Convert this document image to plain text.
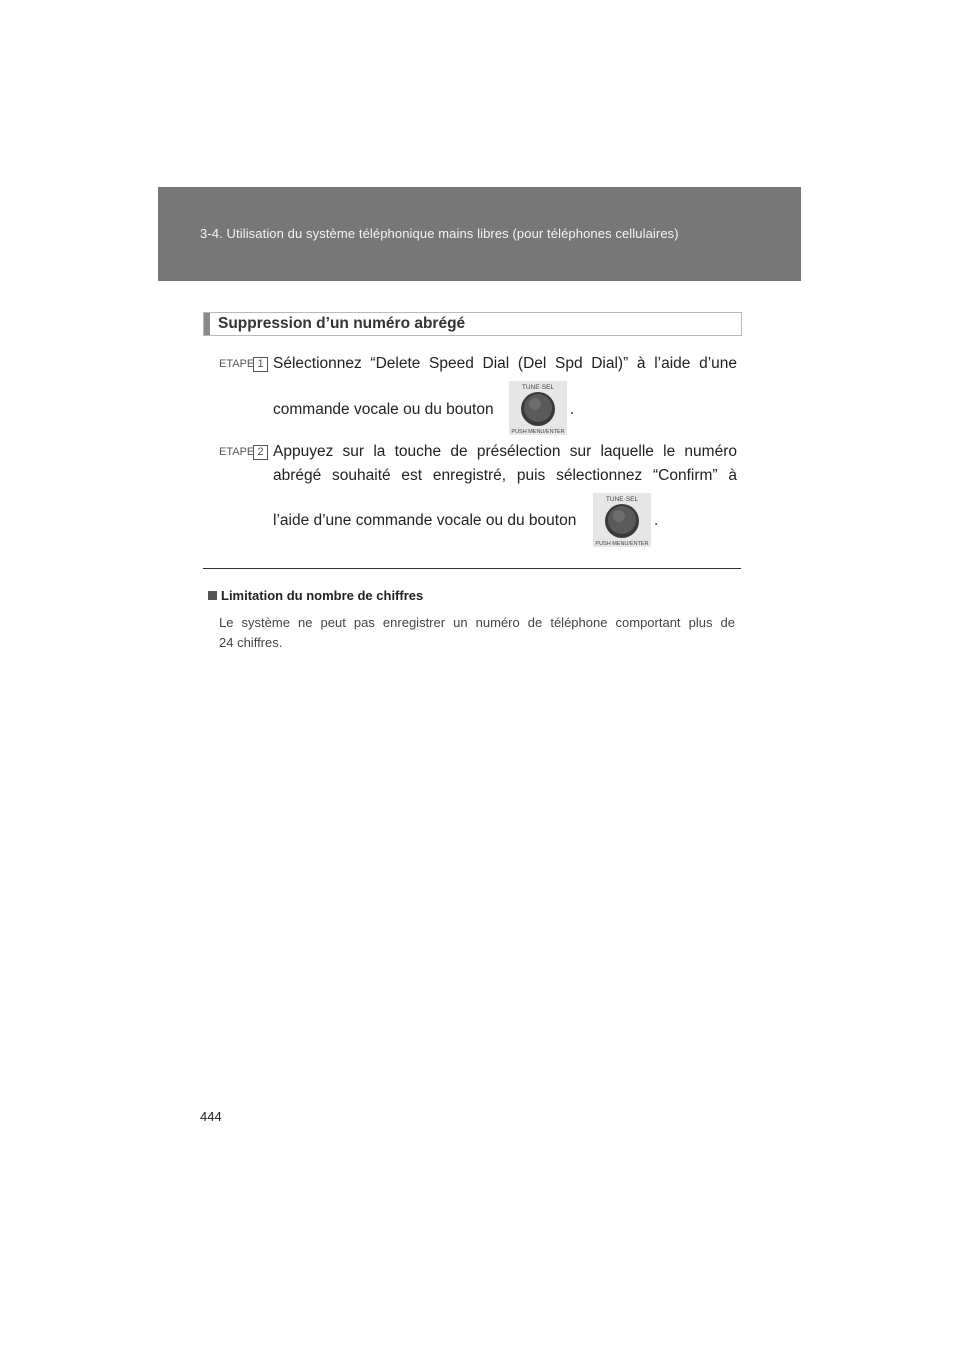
3-4. Utilisation du système téléphonique mains libres (pour téléphones cellulaires)
Suppression d’un numéro abrégé
ETAPE 1 Sélectionnez “Delete Speed Dial (Del Spd Dial)” à l’aide d’une
commande vocale ou du bouton
TUNE·SEL
PUSH MENU/ENTER
.
ETAPE 2 Appuyez sur la touche de présélection sur laquelle le numéro
abrégé souhaité est enregistré, puis sélectionnez “Confirm” à
l’aide d’une commande vocale ou du bouton
TUNE·SEL
PUSH MENU/ENTER
.
Limitation du nombre de chiffres
Le système ne peut pas enregistrer un numéro de téléphone comportant plus de
24 chiffres.
444
